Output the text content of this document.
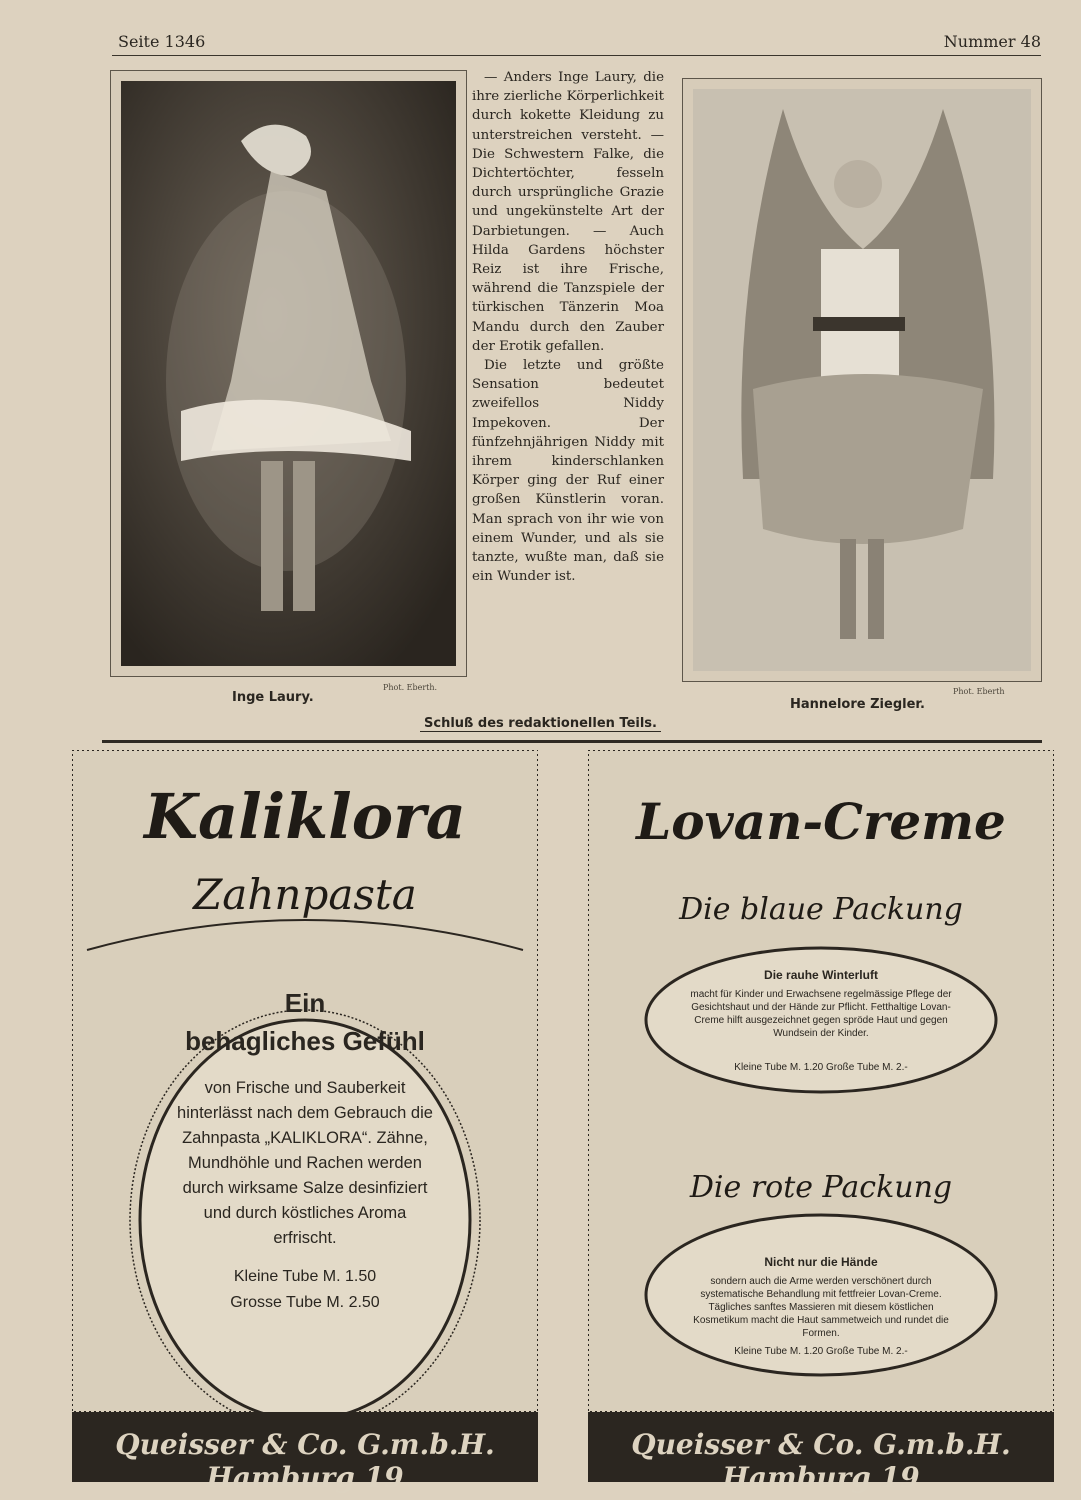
Seite 1346	Nummer 48
Inge Laury.
Phot. Eberth.

— Anders Inge Laury, die ihre zierliche Körperlichkeit durch kokette Kleidung zu unterstreichen versteht. — Die Schwestern Falke, die Dichtertöchter, fesseln durch ursprüngliche Grazie und ungekünstelte Art der Darbietungen. — Auch Hilda Gardens höchster Reiz ist ihre Frische, während die Tanzspiele der türkischen Tänzerin Moa Mandu durch den Zauber der Erotik gefallen.

Die letzte und größte Sensation bedeutet zweifellos Niddy Impekoven. Der fünfzehnjährigen Niddy mit ihrem kinderschlanken Körper ging der Ruf einer großen Künstlerin voran. Man sprach von ihr wie von einem Wunder, und als sie tanzte, wußte man, daß sie ein Wunder ist.

Hannelore Ziegler.
Phot. Eberth
Schluß des redaktionellen Teils.
Kaliklora
Zahnpasta
Ein
behagliches Gefühl
von Frische und Sauberkeit hinterlässt nach dem Gebrauch die Zahnpasta „KALIKLORA“. Zähne, Mundhöhle und Rachen werden durch wirksame Salze desinfiziert und durch köstliches Aroma erfrischt.
Kleine Tube M. 1.50
Grosse Tube M. 2.50
Queisser & Co. G.m.b.H. Hamburg 19
Lovan-Creme
Die blaue Packung
Die rauhe Winterluft
macht für Kinder und Erwachsene regelmässige Pflege der Gesichtshaut und der Hände zur Pflicht. Fetthaltige Lovan-Creme hilft ausgezeichnet gegen spröde Haut und gegen Wundsein der Kinder.
Kleine Tube M. 1.20 Große Tube M. 2.-
Die rote Packung
Nicht nur die Hände
sondern auch die Arme werden verschönert durch systematische Behandlung mit fettfreier Lovan-Creme. Tägliches sanftes Massieren mit diesem köstlichen Kosmetikum macht die Haut sammetweich und rundet die Formen.
Kleine Tube M. 1.20 Große Tube M. 2.-
Queisser & Co. G.m.b.H. Hamburg 19
